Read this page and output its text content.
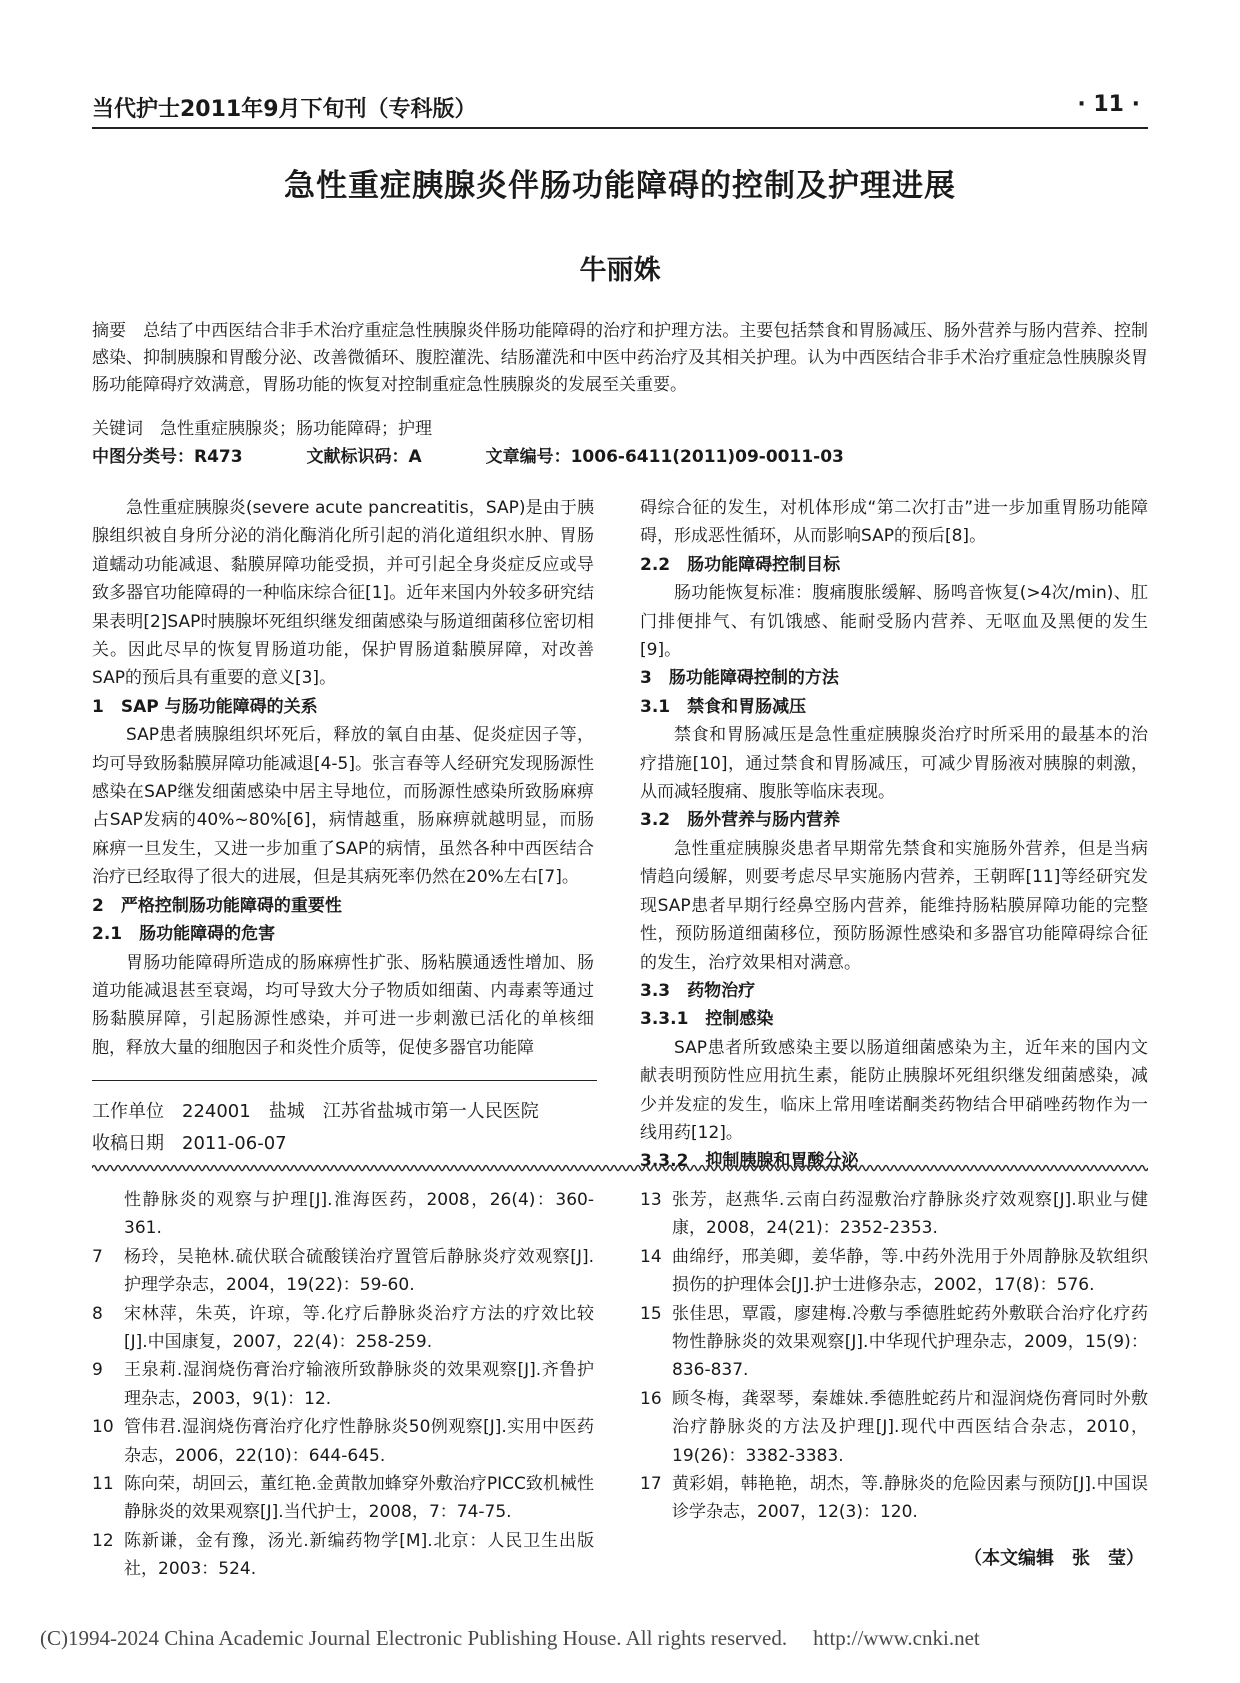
当代护士2011年9月下旬刊（专科版）	· 11 ·
急性重症胰腺炎伴肠功能障碍的控制及护理进展
牛丽姝
摘要　总结了中西医结合非手术治疗重症急性胰腺炎伴肠功能障碍的治疗和护理方法。主要包括禁食和胃肠减压、肠外营养与肠内营养、控制感染、抑制胰腺和胃酸分泌、改善微循环、腹腔灌洗、结肠灌洗和中医中药治疗及其相关护理。认为中西医结合非手术治疗重症急性胰腺炎胃肠功能障碍疗效满意，胃肠功能的恢复对控制重症急性胰腺炎的发展至关重要。
关键词　急性重症胰腺炎；肠功能障碍；护理
中图分类号：R473	文献标识码：A	文章编号：1006-6411(2011)09-0011-03

急性重症胰腺炎(severe acute pancreatitis，SAP)是由于胰腺组织被自身所分泌的消化酶消化所引起的消化道组织水肿、胃肠道蠕动功能减退、黏膜屏障功能受损，并可引起全身炎症反应或导致多器官功能障碍的一种临床综合征[1]。近年来国内外较多研究结果表明[2]SAP时胰腺坏死组织继发细菌感染与肠道细菌移位密切相关。因此尽早的恢复胃肠道功能，保护胃肠道黏膜屏障，对改善SAP的预后具有重要的意义[3]。

1　SAP 与肠功能障碍的关系

SAP患者胰腺组织坏死后，释放的氧自由基、促炎症因子等，均可导致肠黏膜屏障功能减退[4-5]。张言春等人经研究发现肠源性感染在SAP继发细菌感染中居主导地位，而肠源性感染所致肠麻痹占SAP发病的40%~80%[6]，病情越重，肠麻痹就越明显，而肠麻痹一旦发生，又进一步加重了SAP的病情，虽然各种中西医结合治疗已经取得了很大的进展，但是其病死率仍然在20%左右[7]。

2　严格控制肠功能障碍的重要性
2.1　肠功能障碍的危害

胃肠功能障碍所造成的肠麻痹性扩张、肠粘膜通透性增加、肠道功能减退甚至衰竭，均可导致大分子物质如细菌、内毒素等通过肠黏膜屏障，引起肠源性感染，并可进一步刺激已活化的单核细胞，释放大量的细胞因子和炎性介质等，促使多器官功能障

碍综合征的发生，对机体形成“第二次打击”进一步加重胃肠功能障碍，形成恶性循环，从而影响SAP的预后[8]。

2.2　肠功能障碍控制目标

肠功能恢复标准：腹痛腹胀缓解、肠鸣音恢复(>4次/min)、肛门排便排气、有饥饿感、能耐受肠内营养、无呕血及黑便的发生[9]。

3　肠功能障碍控制的方法
3.1　禁食和胃肠减压

禁食和胃肠减压是急性重症胰腺炎治疗时所采用的最基本的治疗措施[10]，通过禁食和胃肠减压，可减少胃肠液对胰腺的刺激，从而减轻腹痛、腹胀等临床表现。

3.2　肠外营养与肠内营养

急性重症胰腺炎患者早期常先禁食和实施肠外营养，但是当病情趋向缓解，则要考虑尽早实施肠内营养，王朝晖[11]等经研究发现SAP患者早期行经鼻空肠内营养，能维持肠粘膜屏障功能的完整性，预防肠道细菌移位，预防肠源性感染和多器官功能障碍综合征的发生，治疗效果相对满意。

3.3　药物治疗
3.3.1　控制感染

SAP患者所致感染主要以肠道细菌感染为主，近年来的国内文献表明预防性应用抗生素，能防止胰腺坏死组织继发细菌感染，减少并发症的发生，临床上常用喹诺酮类药物结合甲硝唑药物作为一线用药[12]。

3.3.2　抑制胰腺和胃酸分泌
工作单位　224001　盐城　江苏省盐城市第一人民医院
收稿日期　2011-06-07
性静脉炎的观察与护理[J].淮海医药，2008，26(4)：360-361.
7	杨玲，吴艳林.硫伏联合硫酸镁治疗置管后静脉炎疗效观察[J].护理学杂志，2004，19(22)：59-60.
8	宋林萍，朱英，许琼，等.化疗后静脉炎治疗方法的疗效比较[J].中国康复，2007，22(4)：258-259.
9	王泉莉.湿润烧伤膏治疗输液所致静脉炎的效果观察[J].齐鲁护理杂志，2003，9(1)：12.
10 管伟君.湿润烧伤膏治疗化疗性静脉炎50例观察[J].实用中医药杂志，2006，22(10)：644-645.
11 陈向荣，胡回云，董红艳.金黄散加蜂穿外敷治疗PICC致机械性静脉炎的效果观察[J].当代护士，2008，7：74-75.
12 陈新谦，金有豫，汤光.新编药物学[M].北京：人民卫生出版社，2003：524.
13 张芳，赵燕华.云南白药湿敷治疗静脉炎疗效观察[J].职业与健康，2008，24(21)：2352-2353.
14 曲绵纾，邢美卿，姜华静，等.中药外洗用于外周静脉及软组织损伤的护理体会[J].护士进修杂志，2002，17(8)：576.
15 张佳思，覃霞，廖建梅.冷敷与季德胜蛇药外敷联合治疗化疗药物性静脉炎的效果观察[J].中华现代护理杂志，2009，15(9)：836-837.
16 顾冬梅，龚翠琴，秦雄妹.季德胜蛇药片和湿润烧伤膏同时外敷治疗静脉炎的方法及护理[J].现代中西医结合杂志，2010，19(26)：3382-3383.
17 黄彩娟，韩艳艳，胡杰，等.静脉炎的危险因素与预防[J].中国误诊学杂志，2007，12(3)：120.
（本文编辑　张　莹）
(C)1994-2024 China Academic Journal Electronic Publishing House. All rights reserved. http://www.cnki.net
